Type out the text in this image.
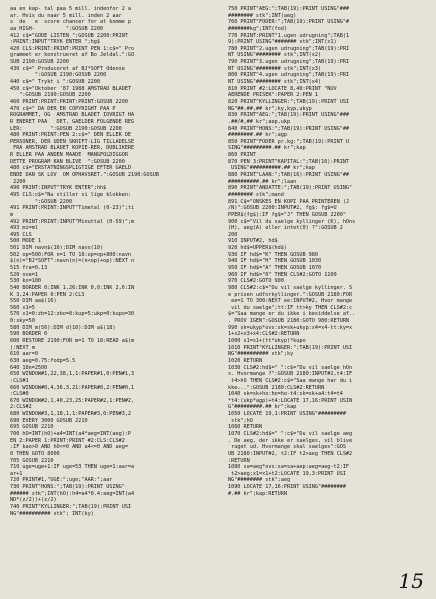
aa en kap- tal paa 5 mill. indenfor 2 a
ar. Hvis du naar 5 mill. inden 2 aar
s  de   e  score chancer for at komme p
aa HIGH-          ":GOSUB 2200
412 c$="GODE LISTEN ":GOSUB 2200:PRINT
:PRINT:INPUT"TRYK ENTER ";hg$
420 CLS:PRINT:PRINT:PRINT PEN 1:c$=" Pro
grammet er konstrueret af Bo Jeldal.":GO
SUB 2190:GOSUB 2200
430 c$=" Producoret af BJ*SOFT Odense
":GOSUB 2190:GOSUB 2200
440 c$=" Trykt i ":GOSUB 2200
450 c$="Oktober '87 1988 AMSTRAD BLADET
":GOSUB 2190:GOSUB 2200
460 PRINT:PRINT:PRINT:PRINT:GOSUB 2200
470 c$=" DA DER ER COPYRIGHT PAA P
ROGRAMMET, OG  AMSTRAD BLADET IOVRIGT HA
R ENERET PAA   DET, GAELDER FOLGENDE REG
LER:         ":GOSUB 2190:GOSUB 2200
480 PRINT:PRINT:PEN 2:c$=" DEN ELLER DE
PERSONER, DER UDEN SKRIFT-LIG TILLADELSE
FRA AMSTRAD BLADET KOPIE-RER, DUBLIKERE
R ELLER PAA ANDEN MAADE  MANGFOLDIGGOR
DETTE PROGRAM KAN BLIVE  ":GOSUB 2200
480 c$="ERSTATNINGSPLIGTIGE EFTER GAELD
ENDE DAN SK LOV  OM OPHAVSRET.":GOSUB 2190:GOSUB
2200
490 PRINT:INPUT"TRYK ENTER";hh$
495 CLS:c$="Nu stiller vi lige klokken:
":GOSUB 2200
491 PRINT:PRINT:INPUT"Timetal (0-23)";ti
m
492 PRINT:PRINT:INPUT"Minuttal (0-59)";m
493 mi=ml
495 CLS
500 MODE 1
501 DIM navn$(10):DIM navs(10)
502 op=500:FOR n=1 TO 10:op=op+800:navn
$(n)="BJ*SOFT":navn(n)=(n<op)+op):NEXT n
515 fra=0.13
520 ove=1
530 ko=100
540 BORDER 0:INK 1,26:INK 0,0:INK 2,6:IN
K 3,24:PAPER 0:PEN 2:CLS
550 DIM aa$(16)
560 x1=5
570 x1=0:zb=12:zbo=0:kup=5:ukp=0:kupo=30
0:sky=50
580 DIM m(56):DIM d(10):DIM a$(18)
590 BORDER 0
600 RESTORE 2190:FOR m=1 TO 18:READ a$(m
):NEXT m
610 aar=0
630 aeg=0.75:fodp=5.5
640 10n=2500
650 WINDOW#1,22,38,1,1:PAPER#1,0:PEN#1,3
:CLS#1
660 WINDOW#0,4,36,3,21:PAPER#0,2:PEN#0,1
:CLS#0
670 WINDOW#2,1,40,23,25:PAPER#2,1:PEN#2,
2:CLS#2
680 WINDOW#3,1,18,1,1:PAPER#3,0:PEN#3,2
690 EVERY 3000 GOSUB 2210
695 GOSUB 2210
700 hO=INT(hO)+a4=INT(a4*aeg=INT(aeg):P
EN 2:PAPER 1:PRINT:PRINT #2:CLS:CLS#2
:IF kao>0 AND hO<=0 AND a4<=0 AND aeg=
0 THEN GOTO 8000
705 GOSUB 2210
710 uge=uge+1:IF uge=53 THEN uge=1:aar=a
ar+1
720 PRINT#1,"UGE:";uge;"AAR:";aar
730 PRINT"HONS:";TAB(19):PRINT USING"
###### stk";INT(hO):h4=a4*0.4:aeg=INT(a4
ND*(z/2))+(z/2)
740 PRINT"KYLLINGER:";TAB(19):PRINT USI
NG"########## stk"; INT(ky)
750 PRINT"AEG:";TAB(19):PRINT USING"###
######## stk";INT(aeg)
760 PRINT"FODER:";TAB(19):PRINT USING"#
#######kg";INT(fod)
770 PRINT:PRINT"1.ugen udrugning";TAB(1
9):PRINT USING"####### stk";INT(x1)
780 PRINT"2.ugen udrugning";TAB(19):PRI
NT USING"######## stk";INT(x2)
790 PRINT"3.ugen udrugning";TAB(19):PRI
NT USING"######## stk";INT(x3)
800 PRINT"4.ugen udrugning";TAB(19):PRI
NT USING"######## stk";INT(x4)
810 PRINT #2:LOCATE 8,40:PRINT "NUV
AERENDE PRISER":PAPER 2:PEN 1
820 PRINT"KYLLINGER:";TAB(19):PRINT USI
NG"##.##,## kr";ky,kyp,ukyp
830 PRINT"AEG:";TAB(19):PRINT USING"###
.##/#,## kr";aep,ukp
840 PRINT"HONS:";TAB(19):PRINT USING"##
########.## kr";agp
850 PRINT"FODER pr.kg:";TAB(19):PRINT U
SING"#########.## kr";kap
860 PRINT
870 PEN 3:PRINT"KAPITAL:";TAB(16):PRINT
USING"##########.## kr";kap
880 PRINT"LAAN:";TAB(16):PRINT USING"##
##########.## kr";laan
890 PRINT"ANDATTE:";TAB(19):PRINT USING"
######## stk";mand
891 C$="ONSKES EN KOPI PAA PRINTEREN (J
/N)":GOSUB 2200:INPUT#2, fg$: fg$=U
PPER$(fg$):IF fg$="J" THEN GOSUB 2200"
900 c$="Vil du saelge kyllinger (K), hOns
(H), aeg(A) eller intet(0) ?":GOSUB 2
200
910 INPUT#2, hd$
920 hd$=UPPER$(hd$)
930 IF hd$="K" THEN GOSUB 980
940 IF hd$="H" THEN GOSUB 1030
950 IF hd$="A" THEN GOSUB 1070
960 IF hd$="0" THEN CLS#2:GOTO 1100
970 CLS#2:GOTO 900
980 CLS#2:c$="Du vil saelge kyllinger. S
e prisen udforkyllinger.":GOSUB 2180:FOR
ee=1 TO 300:NEXT ee:INPUT#2, Hvor mange
vil du saelge";tt:IF tt>ky THEN CLS#2:c
$="Saa mange er du ikke i besiddelse af..
. PROV IGEN":GOSUB 2180:GOTO 980:RETURN
990 sk=ukyp*ovs:sk=sk+ukyp:x4=x4-tt:ky=x
1+x2+x3+x4:CLS#2:RETURN
1000 s1=s1+(tt*ukyp)*kupo
1010 PRINT"KYLLINGER:";TAB(19):PRINT USI
NG"########## stk";ky
1020 RETURN
1030 CLS#2:hd$=" ":c$="Du vil saelge hOn
s. Hvormange ?":GOSUB 2180:INPUT#2,t4:IF
t4>hO THEN CLS#2:c$="Saa mange har du i
kke...":GOSUB 2180:CLS#2:RETURN
1040 sk=sk+ho:ho=ho-t4:sk=sk+a4:t4=t4
*t4:(ukp*agp)+t4:LOCATE 17,16:PRINT USIN
G"#########.## kr";kap
1050 LOCATE 19,1:PRINT USING"#########
stk";hO
1060 RETURN
1070 CLS#2:hd$=" ":c$="Du vil saelge aeg
. De aeg, der ikke er saelges, vil blive
ruget ud. Hvormange skal saelges":GOS
UB 2180:INPUT#2, t2:IF t2>aeg THEN CLS#2
:RETURN
1080 sa=aeg*ovs:sa=sa+aep:aeg=aeg-t2:IF
t2>aeg:x1=x1+t2:LOCATE 19,3:PRINT USI
NG"######## stk";aeg
1090 LOCATE 17,16:PRINT USING"########
#.## kr";kap:RETURN
15
